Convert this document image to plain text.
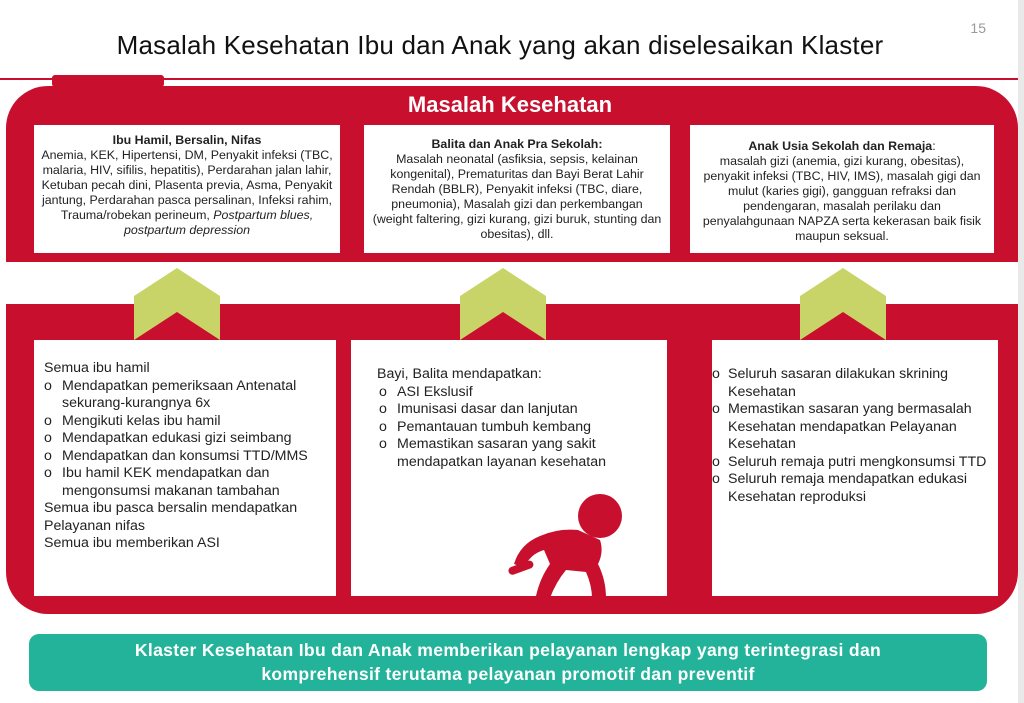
15
Masalah Kesehatan Ibu dan Anak yang akan diselesaikan Klaster
Masalah Kesehatan
Ibu Hamil, Bersalin, Nifas
Anemia, KEK, Hipertensi, DM, Penyakit infeksi (TBC, malaria, HIV, sifilis, hepatitis), Perdarahan jalan lahir, Ketuban pecah dini, Plasenta previa, Asma, Penyakit jantung, Perdarahan pasca persalinan, Infeksi rahim, Trauma/robekan perineum, Postpartum blues, postpartum depression
Balita dan Anak Pra Sekolah:
Masalah neonatal (asfiksia, sepsis, kelainan kongenital), Prematuritas dan Bayi Berat Lahir Rendah (BBLR), Penyakit infeksi (TBC, diare, pneumonia), Masalah gizi dan perkembangan (weight faltering, gizi kurang, gizi buruk, stunting dan obesitas), dll.
Anak Usia Sekolah dan Remaja:
masalah gizi (anemia, gizi kurang, obesitas), penyakit infeksi (TBC, HIV, IMS), masalah gigi dan mulut (karies gigi), gangguan refraksi dan pendengaran, masalah perilaku dan penyalahgunaan NAPZA serta kekerasan baik fisik maupun seksual.
Semua ibu hamil
o Mendapatkan pemeriksaan Antenatal sekurang-kurangnya 6x
o Mengikuti kelas ibu hamil
o Mendapatkan edukasi gizi seimbang
o Mendapatkan dan konsumsi TTD/MMS
o Ibu hamil KEK mendapatkan dan mengonsumsi makanan tambahan
Semua ibu pasca bersalin mendapatkan Pelayanan nifas
Semua ibu memberikan ASI
Bayi, Balita mendapatkan:
o ASI Ekslusif
o Imunisasi dasar dan lanjutan
o Pemantauan tumbuh kembang
o Memastikan sasaran yang sakit mendapatkan layanan kesehatan
o Seluruh sasaran dilakukan skrining Kesehatan
o Memastikan sasaran yang bermasalah Kesehatan mendapatkan Pelayanan Kesehatan
o Seluruh remaja putri mengkonsumsi TTD
o Seluruh remaja mendapatkan edukasi Kesehatan reproduksi
Klaster Kesehatan Ibu dan Anak memberikan pelayanan lengkap yang terintegrasi dan
komprehensif terutama pelayanan promotif dan preventif
